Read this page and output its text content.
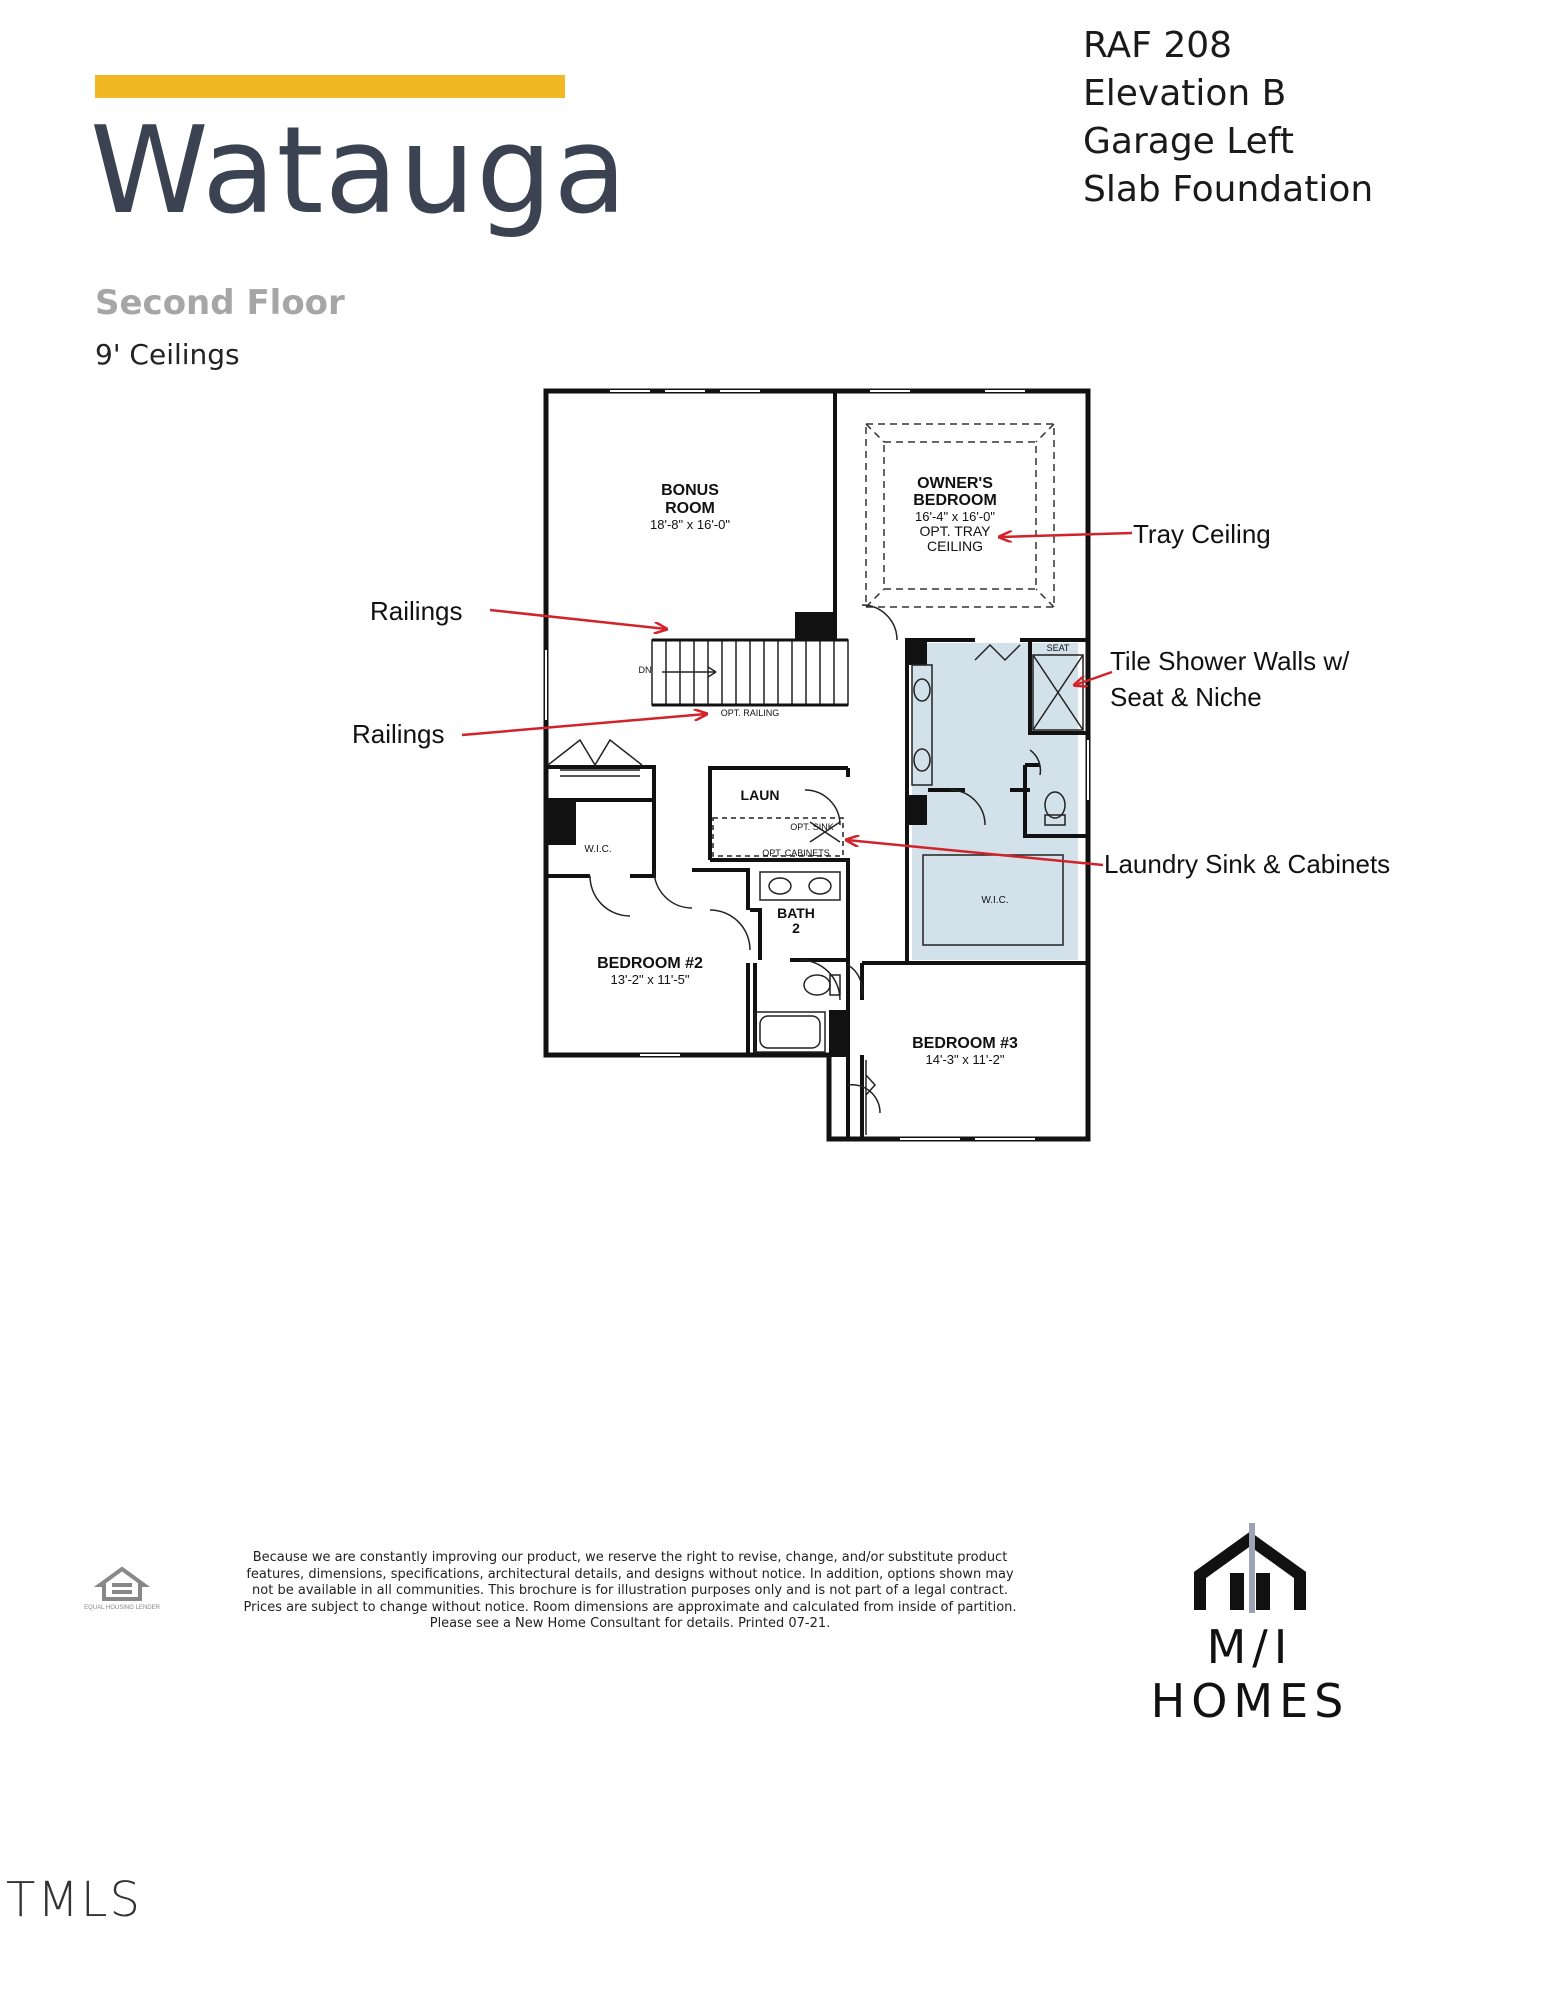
Watauga
Second Floor
9' Ceilings
RAF 208
Elevation B
Garage Left
Slab Foundation
BONUS
ROOM
18'-8" x 16'-0"
OWNER'S
BEDROOM
16'-4" x 16'-0"
OPT. TRAY
CEILING
LAUN
OPT. SINK
OPT. CABINETS
BATH
2
BEDROOM #2
13'-2" x 11'-5"
BEDROOM #3
14'-3" x 11'-2"
W.I.C.
W.I.C.
SEAT
DN
OPT. RAILING
Tray Ceiling
Railings
Railings
Tile Shower Walls w/
Seat & Niche
Laundry Sink & Cabinets
EQUAL HOUSING LENDER
Because we are constantly improving our product, we reserve the right to revise, change, and/or substitute product features, dimensions, specifications, architectural details, and designs without notice. In addition, options shown may not be available in all communities. This brochure is for illustration purposes only and is not part of a legal contract. Prices are subject to change without notice. Room dimensions are approximate and calculated from inside of partition. Please see a New Home Consultant for details. Printed 07-21.	M/I HOMES
TMLS
